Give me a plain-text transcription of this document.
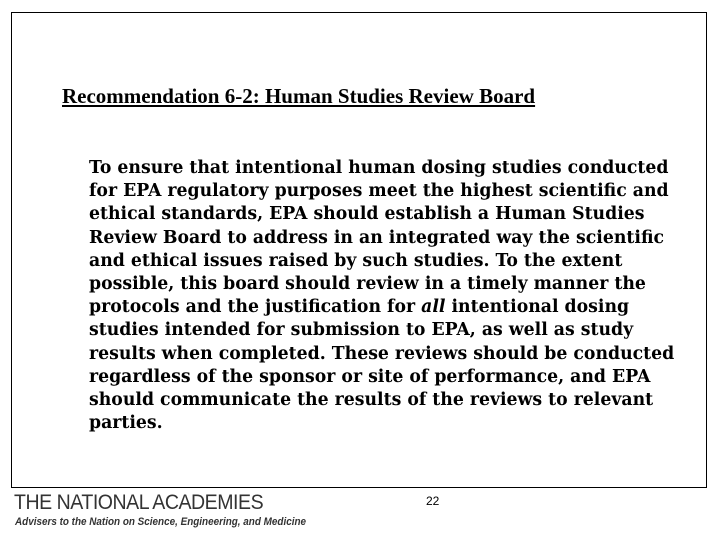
Recommendation 6-2: Human Studies Review Board

To ensure that intentional human dosing studies conducted for EPA regulatory purposes meet the highest scientific and ethical standards, EPA should establish a Human Studies Review Board to address in an integrated way the scientific and ethical issues raised by such studies. To the extent possible, this board should review in a timely manner the protocols and the justification for all intentional dosing studies intended for submission to EPA, as well as study results when completed. These reviews should be conducted regardless of the sponsor or site of performance, and EPA should communicate the results of the reviews to relevant parties.

THE NATIONAL ACADEMIES
Advisers to the Nation on Science, Engineering, and Medicine
22
